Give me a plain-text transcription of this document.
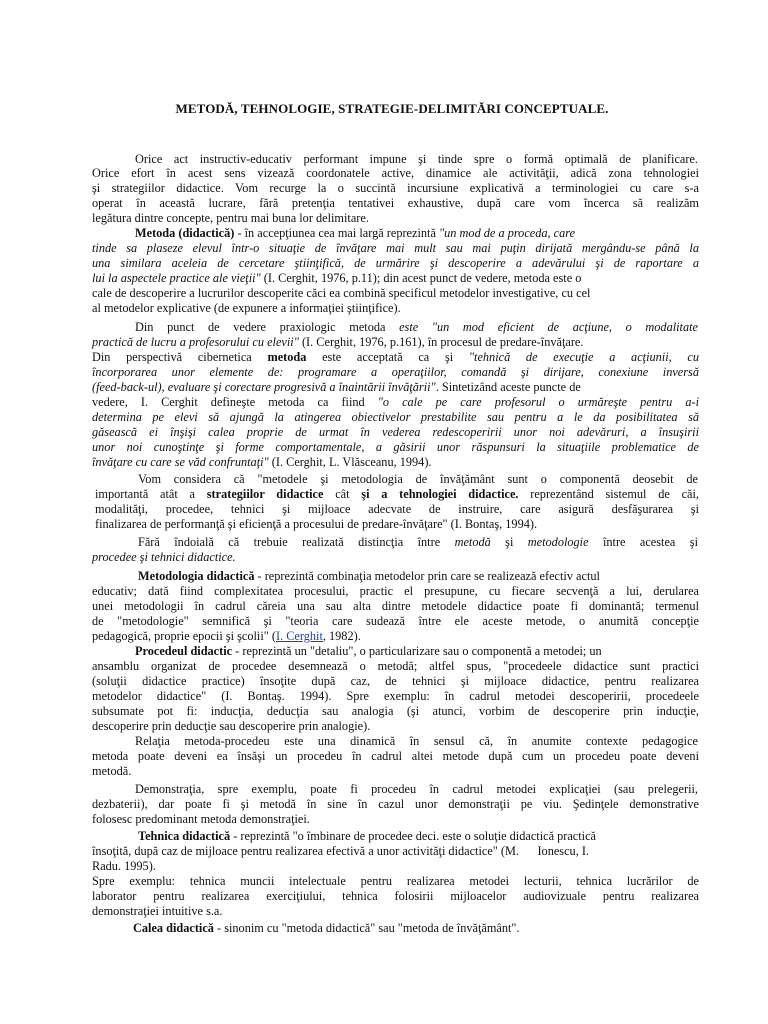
METODĂ, TEHNOLOGIE, STRATEGIE-DELIMITĂRI CONCEPTUALE.
Orice act instructiv-educativ performant impune şi tinde spre o formă optimală de planificare.
Orice efort în acest sens vizează coordonatele active, dinamice ale activităţii, adică zona tehnologiei
şi strategiilor didactice. Vom recurge la o succintă incursiune explicativă a terminologiei cu care s-a
operat în această lucrare, fără pretenţia tentativei exhaustive, după care vom încerca să realizăm
legătura dintre concepte, pentru mai buna lor delimitare.
Metoda (didactică) - în accepţiunea cea mai largă reprezintă "un mod de a proceda, care
tinde sa plaseze elevul într-o situaţie de învăţare mai mult sau mai puţin dirijată mergându-se până la
una similara aceleia de cercetare ştiinţifică, de urmărire şi descoperire a adevărului şi de raportare a
lui la aspectele practice ale vieţii" (I. Cerghit, 1976, p.11); din acest punct de vedere, metoda este o
cale de descoperire a lucrurilor descoperite căci ea combină specificul metodelor investigative, cu cel
al metodelor explicative (de expunere a informaţiei ştiinţifice).
Din punct de vedere praxiologic metoda este "un mod eficient de acţiune, o modalitate
practică de lucru a profesorului cu elevii" (I. Cerghit, 1976, p.161), în procesul de predare-învăţare.
Din perspectivă cibernetica metoda este acceptată ca şi "tehnică de execuţie a acţiunii, cu
încorporarea unor elemente de: programare a operaţiilor, comandă şi dirijare, conexiune inversă
(feed-back-ul), evaluare şi corectare progresivă a înaintării învăţării". Sintetizând aceste puncte de
vedere, I. Cerghit defineşte metoda ca fiind "o cale pe care profesorul o urmăreşte pentru a-i
determina pe elevi să ajungă la atingerea obiectivelor prestabilite sau pentru a le da posibilitatea să
găsească ei înşişi calea proprie de urmat în vederea redescoperirii unor noi adevăruri, a însuşirii
unor noi cunoştinţe şi forme comportamentale, a găsirii unor răspunsuri la situaţiile problematice de
învăţare cu care se văd confruntaţi" (I. Cerghit, L. Vlăsceanu, 1994).
Vom considera că "metodele şi metodologia de învăţământ sunt o componentă deosebit de
importantă atât a strategiilor didactice cât şi a tehnologiei didactice. reprezentând sistemul de căi,
modalităţi, procedee, tehnici şi mijloace adecvate de instruire, care asigură desfăşurarea şi
finalizarea de performanţă şi eficienţă a procesului de predare-învăţare" (I. Bontaş, 1994).
Fără îndoială că trebuie realizată distincţia între metodă şi metodologie între acestea şi
procedee şi tehnici didactice.
Metodologia didactică - reprezintă combinaţia metodelor prin care se realizează efectiv actul
educativ; dată fiind complexitatea procesului, practic el presupune, cu fiecare secvenţă a lui, derularea
unei metodologii în cadrul căreia una sau alta dintre metodele didactice poate fi dominantă; termenul
de "metodologie" semnifică şi "teoria care sudează între ele aceste metode, o anumită concepţie
pedagogică, proprie epocii şi şcolii" (I. Cerghit, 1982).
Procedeul didactic - reprezintă un "detaliu", o particularizare sau o componentă a metodei; un
ansamblu organizat de procedee desemnează o metodă; altfel spus, "procedeele didactice sunt practici
(soluţii didactice practice) însoţite după caz, de tehnici şi mijloace didactice, pentru realizarea
metodelor didactice" (I. Bontaş. 1994). Spre exemplu: în cadrul metodei descoperirii, procedeele
subsumate pot fi: inducţia, deducţia sau analogia (şi atunci, vorbim de descoperire prin inducţie,
descoperire prin deducţie sau descoperire prin analogie).
Relaţia metoda-procedeu este una dinamică în sensul că, în anumite contexte pedagogice
metoda poate deveni ea însăşi un procedeu în cadrul altei metode după cum un procedeu poate deveni
metodă.
Demonstraţia, spre exemplu, poate fi procedeu în cadrul metodei explicaţiei (sau prelegerii,
dezbaterii), dar poate fi şi metodă în sine în cazul unor demonstraţii pe viu. Şedinţele demonstrative
folosesc predominant metoda demonstraţiei.
Tehnica didactică - reprezintă "o îmbinare de procedee deci. este o soluţie didactică practică
însoţită, după caz de mijloace pentru realizarea efectivă a unor activităţi didactice" (M.      Ionescu, I.
Radu. 1995).
Spre exemplu: tehnica muncii intelectuale pentru realizarea metodei lecturii, tehnica lucrărilor de
laborator pentru realizarea exerciţiului, tehnica folosirii mijloacelor audiovizuale pentru realizarea
demonstraţiei intuitive s.a.
Calea didactică - sinonim cu "metoda didactică" sau "metoda de învăţământ".
